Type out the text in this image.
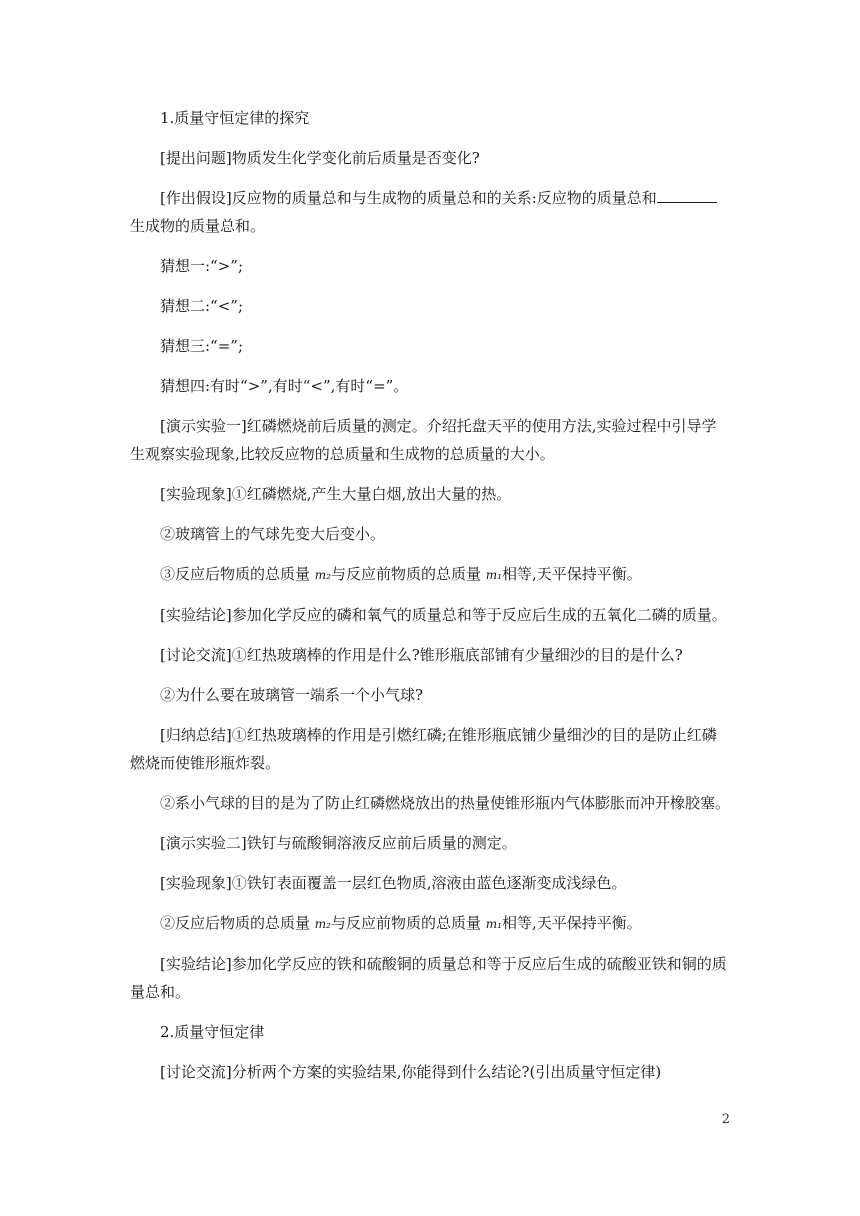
1.质量守恒定律的探究

[提出问题]物质发生化学变化前后质量是否变化?

[作出假设]反应物的质量总和与生成物的质量总和的关系:反应物的质量总和生成物的质量总和。

猜想一:“>”;

猜想二:“<”;

猜想三:“=”;

猜想四:有时“>”,有时“<”,有时“=”。

[演示实验一]红磷燃烧前后质量的测定。介绍托盘天平的使用方法,实验过程中引导学生观察实验现象,比较反应物的总质量和生成物的总质量的大小。

[实验现象]①红磷燃烧,产生大量白烟,放出大量的热。

②玻璃管上的气球先变大后变小。

③反应后物质的总质量 m₂与反应前物质的总质量 m₁相等,天平保持平衡。

[实验结论]参加化学反应的磷和氧气的质量总和等于反应后生成的五氧化二磷的质量。

[讨论交流]①红热玻璃棒的作用是什么?锥形瓶底部铺有少量细沙的目的是什么?

②为什么要在玻璃管一端系一个小气球?

[归纳总结]①红热玻璃棒的作用是引燃红磷;在锥形瓶底铺少量细沙的目的是防止红磷燃烧而使锥形瓶炸裂。

②系小气球的目的是为了防止红磷燃烧放出的热量使锥形瓶内气体膨胀而冲开橡胶塞。

[演示实验二]铁钉与硫酸铜溶液反应前后质量的测定。

[实验现象]①铁钉表面覆盖一层红色物质,溶液由蓝色逐渐变成浅绿色。

②反应后物质的总质量 m₂与反应前物质的总质量 m₁相等,天平保持平衡。

[实验结论]参加化学反应的铁和硫酸铜的质量总和等于反应后生成的硫酸亚铁和铜的质量总和。

2.质量守恒定律

[讨论交流]分析两个方案的实验结果,你能得到什么结论?(引出质量守恒定律)

2
